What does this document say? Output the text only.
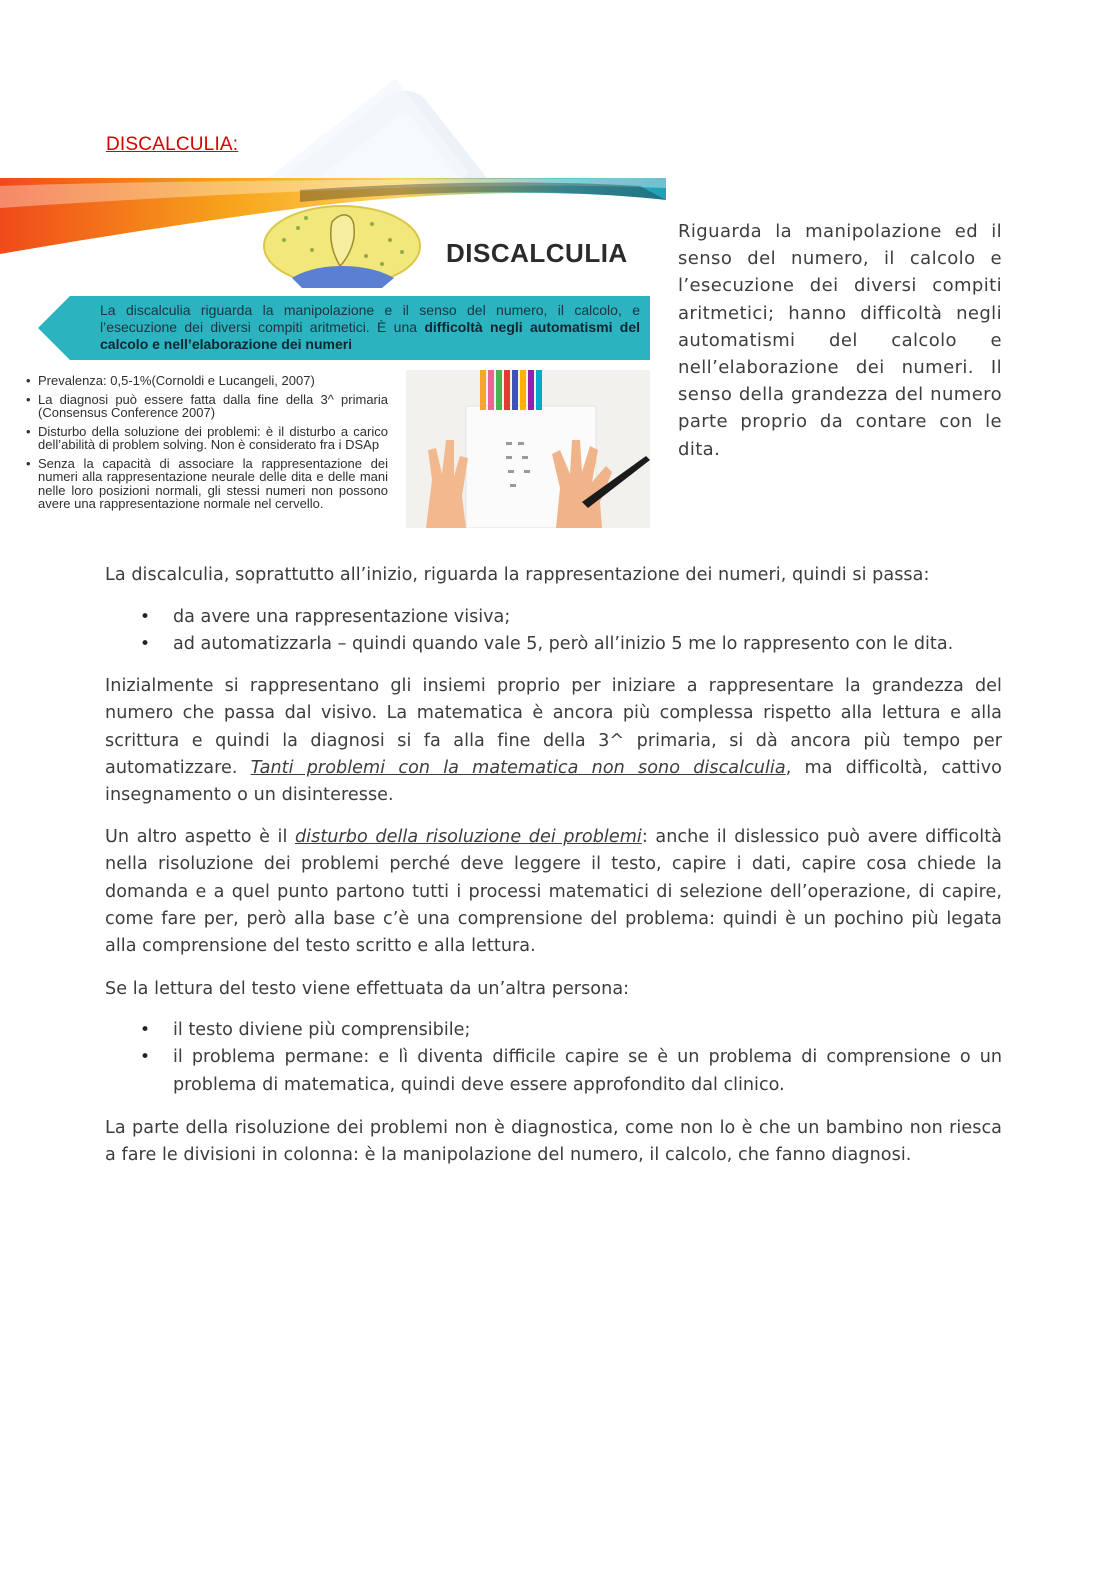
DISCALCULIA:
DISCALCULIA
La discalculia riguarda la manipolazione e il senso del numero, il calcolo, e l’esecuzione dei diversi compiti aritmetici. È una difficoltà negli automatismi del calcolo e nell’elaborazione dei numeri
• Prevalenza: 0,5-1%(Cornoldi e Lucangeli, 2007)
• La diagnosi può essere fatta dalla fine della 3^ primaria (Consensus Conference 2007)
• Disturbo della soluzione dei problemi: è il disturbo a carico dell’abilità di problem solving. Non è considerato fra i DSAp
• Senza la capacità di associare la rappresentazione dei numeri alla rappresentazione neurale delle dita e delle mani nelle loro posizioni normali, gli stessi numeri non possono avere una rappresentazione normale nel cervello.

Riguarda la manipolazione ed il senso del numero, il calcolo e l’esecuzione dei diversi compiti aritmetici; hanno difficoltà negli automatismi del calcolo e nell’elaborazione dei numeri. Il senso della grandezza del numero parte proprio da contare con le dita.

La discalculia, soprattutto all’inizio, riguarda la rappresentazione dei numeri, quindi si passa:

• da avere una rappresentazione visiva;
• ad automatizzarla – quindi quando vale 5, però all’inizio 5 me lo rappresento con le dita.

Inizialmente si rappresentano gli insiemi proprio per iniziare a rappresentare la grandezza del numero che passa dal visivo. La matematica è ancora più complessa rispetto alla lettura e alla scrittura e quindi la diagnosi si fa alla fine della 3^ primaria, si dà ancora più tempo per automatizzare. Tanti problemi con la matematica non sono discalculia, ma difficoltà, cattivo insegnamento o un disinteresse.

Un altro aspetto è il disturbo della risoluzione dei problemi: anche il dislessico può avere difficoltà nella risoluzione dei problemi perché deve leggere il testo, capire i dati, capire cosa chiede la domanda e a quel punto partono tutti i processi matematici di selezione dell’operazione, di capire, come fare per, però alla base c’è una comprensione del problema: quindi è un pochino più legata alla comprensione del testo scritto e alla lettura.

Se la lettura del testo viene effettuata da un’altra persona:

• il testo diviene più comprensibile;
• il problema permane: e lì diventa difficile capire se è un problema di comprensione o un problema di matematica, quindi deve essere approfondito dal clinico.

La parte della risoluzione dei problemi non è diagnostica, come non lo è che un bambino non riesca a fare le divisioni in colonna: è la manipolazione del numero, il calcolo, che fanno diagnosi.
